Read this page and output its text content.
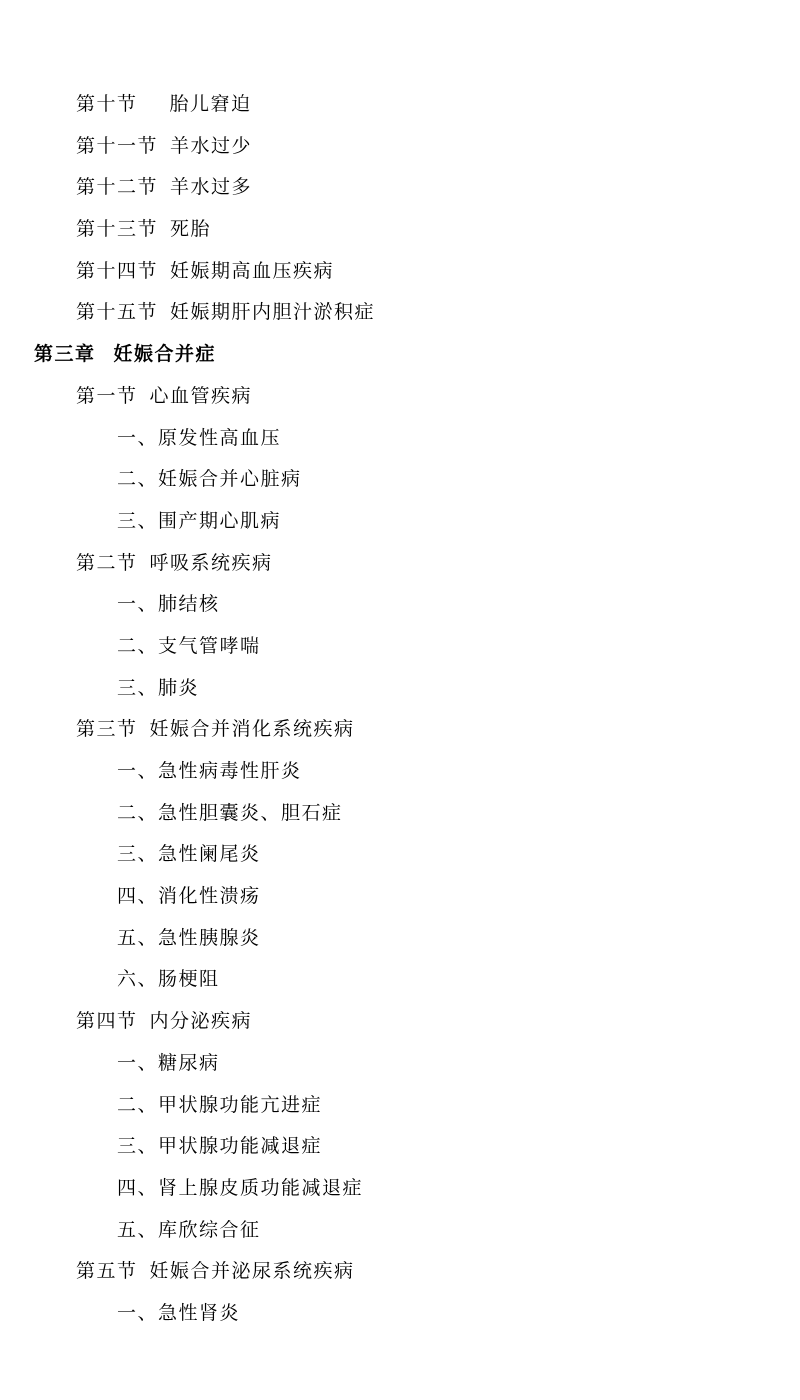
第十节 胎儿窘迫
第十一节 羊水过少
第十二节 羊水过多
第十三节 死胎
第十四节 妊娠期高血压疾病
第十五节 妊娠期肝内胆汁淤积症
第三章 妊娠合并症
第一节 心血管疾病
一、原发性高血压
二、妊娠合并心脏病
三、围产期心肌病
第二节 呼吸系统疾病
一、肺结核
二、支气管哮喘
三、肺炎
第三节 妊娠合并消化系统疾病
一、急性病毒性肝炎
二、急性胆囊炎、胆石症
三、急性阑尾炎
四、消化性溃疡
五、急性胰腺炎
六、肠梗阻
第四节 内分泌疾病
一、糖尿病
二、甲状腺功能亢进症
三、甲状腺功能减退症
四、肾上腺皮质功能减退症
五、库欣综合征
第五节 妊娠合并泌尿系统疾病
一、急性肾炎
